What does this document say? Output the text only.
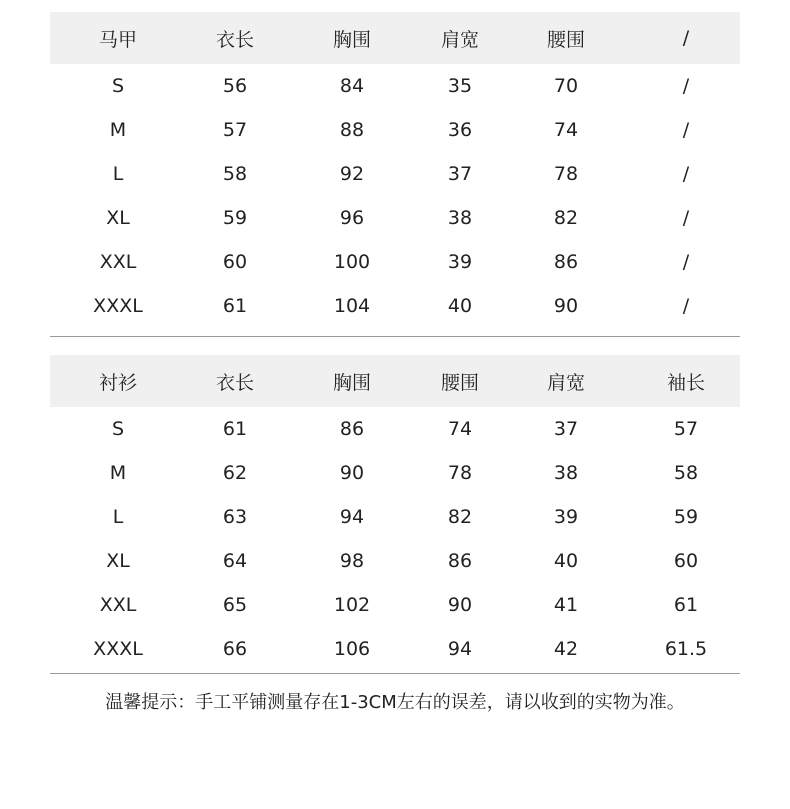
马甲	衣长	胸围	肩宽	腰围	/
S	56	84	35	70	/
M	57	88	36	74	/
L	58	92	37	78	/
XL	59	96	38	82	/
XXL	60	100	39	86	/
XXXL	61	104	40	90	/
衬衫	衣长	胸围	腰围	肩宽	袖长
S	61	86	74	37	57
M	62	90	78	38	58
L	63	94	82	39	59
XL	64	98	86	40	60
XXL	65	102	90	41	61
XXXL	66	106	94	42	61.5
温馨提示：手工平铺测量存在1-3CM左右的误差，请以收到的实物为准。
